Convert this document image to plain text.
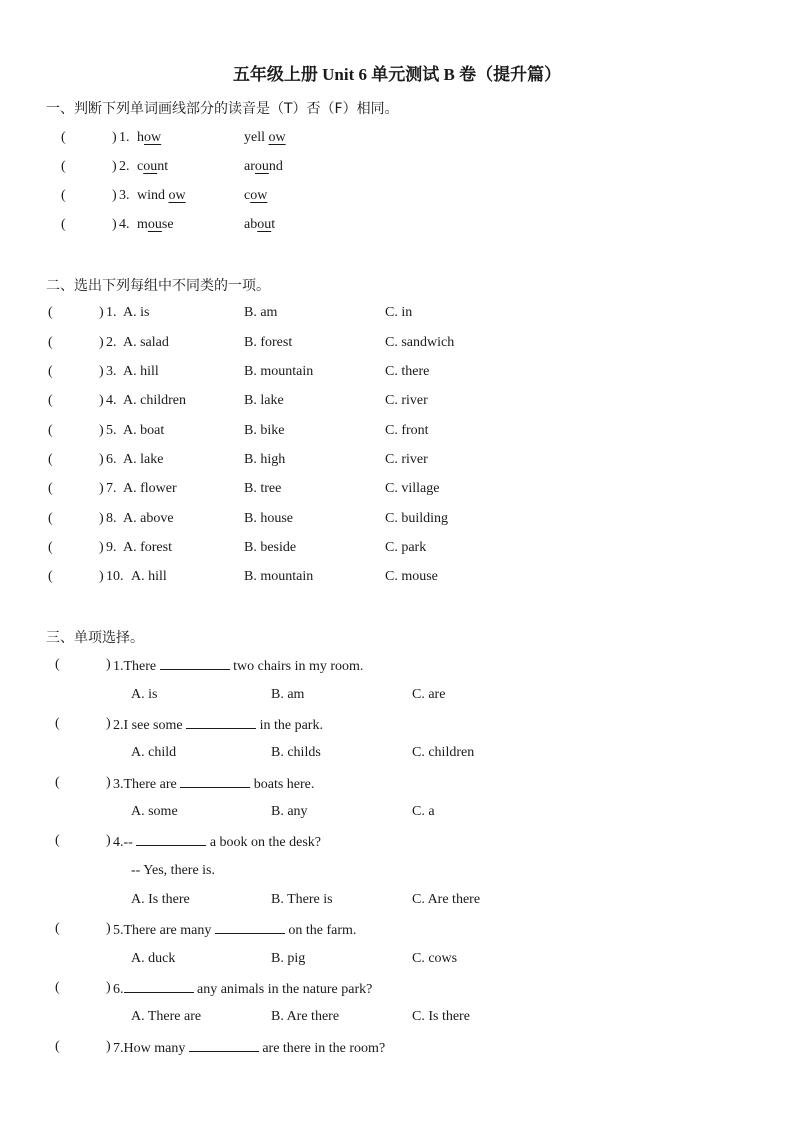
五年级上册 Unit 6 单元测试 B 卷（提升篇）
一、判断下列单词画线部分的读音是（T）否（F）相同。
(	) 1. how	yell ow
(	) 2. count	around
(	) 3. wind ow	cow
(	) 4. mouse	about
二、选出下列每组中不同类的一项。
(	) 1. A. is	B. am	C. in
(	) 2. A. salad	B. forest	C. sandwich
(	) 3. A. hill	B. mountain	C. there
(	) 4. A. children	B. lake	C. river
(	) 5. A. boat	B. bike	C. front
(	) 6. A. lake	B. high	C. river
(	) 7. A. flower	B. tree	C. village
(	) 8. A. above	B. house	C. building
(	) 9. A. forest	B. beside	C. park
(	) 10. A. hill	B. mountain	C. mouse
三、单项选择。
(	) 1.There	two chairs in my room.
A. is	B. am	C. are
(	) 2.I see some	in the park.
A. child	B. childs	C. children
(	) 3.There are	boats here.
A. some	B. any	C. a
(	) 4.--	a book on the desk?
-- Yes, there is.
A. Is there	B. There is	C. Are there
(	) 5.There are many	on the farm.
A. duck	B. pig	C. cows
(	) 6.	any animals in the nature park?
A. There are	B. Are there	C. Is there
(	) 7.How many	are there in the room?
